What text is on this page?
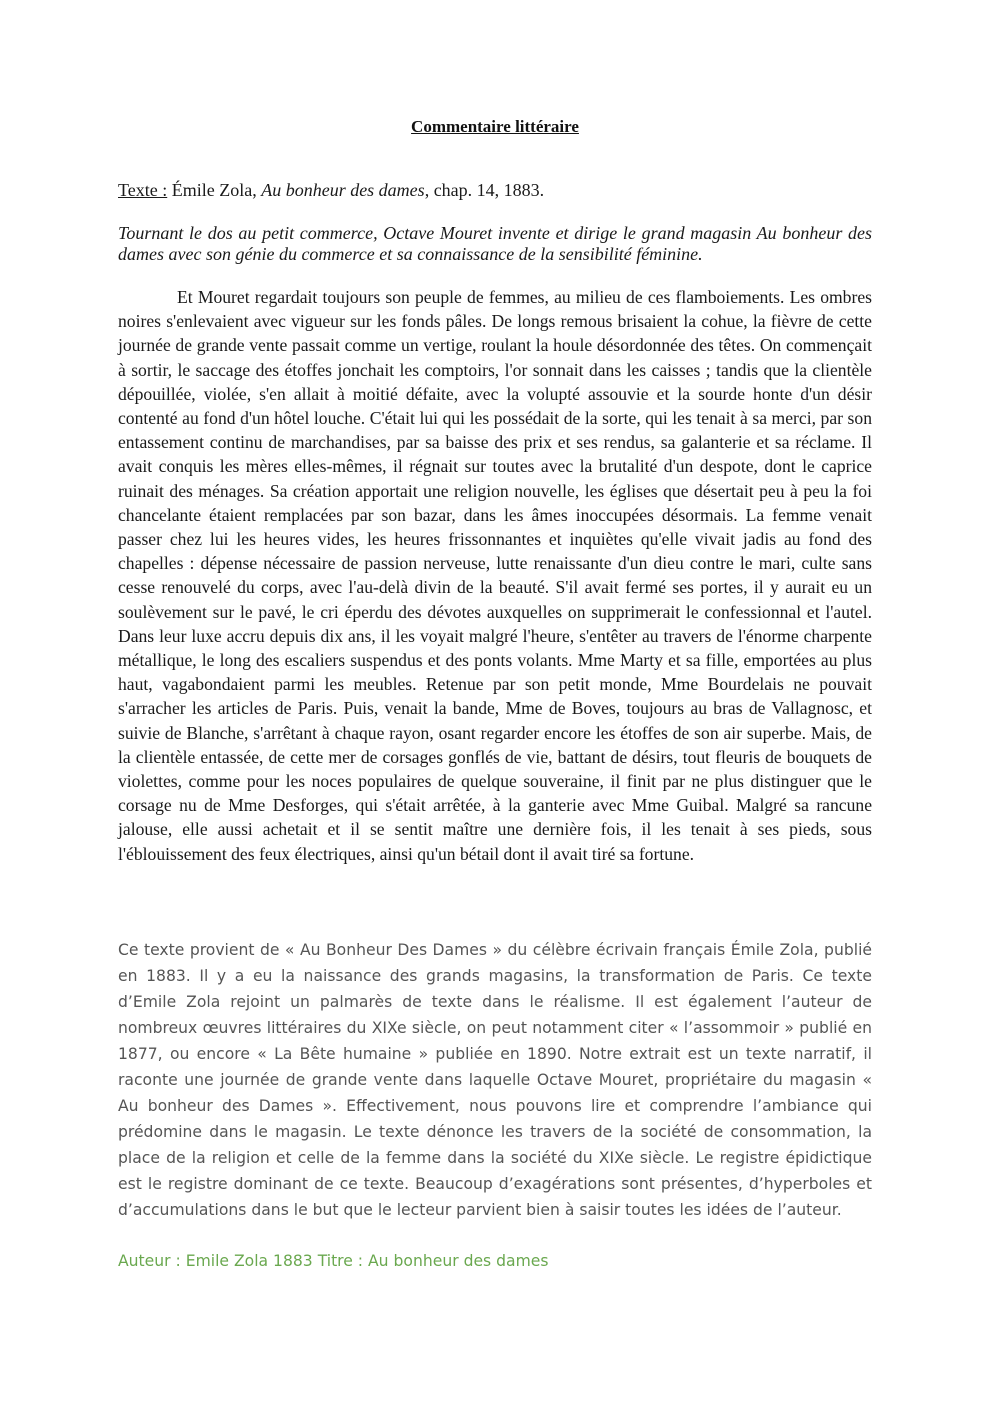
Commentaire littéraire
Texte : Émile Zola, Au bonheur des dames, chap. 14, 1883.
Tournant le dos au petit commerce, Octave Mouret invente et dirige le grand magasin Au bonheur des dames avec son génie du commerce et sa connaissance de la sensibilité féminine.

Et Mouret regardait toujours son peuple de femmes, au milieu de ces flamboiements. Les ombres noires s'enlevaient avec vigueur sur les fonds pâles. De longs remous brisaient la cohue, la fièvre de cette journée de grande vente passait comme un vertige, roulant la houle désordonnée des têtes. On commençait à sortir, le saccage des étoffes jonchait les comptoirs, l'or sonnait dans les caisses ; tandis que la clientèle dépouillée, violée, s'en allait à moitié défaite, avec la volupté assouvie et la sourde honte d'un désir contenté au fond d'un hôtel louche. C'était lui qui les possédait de la sorte, qui les tenait à sa merci, par son entassement continu de marchandises, par sa baisse des prix et ses rendus, sa galanterie et sa réclame. Il avait conquis les mères elles-mêmes, il régnait sur toutes avec la brutalité d'un despote, dont le caprice ruinait des ménages. Sa création apportait une religion nouvelle, les églises que désertait peu à peu la foi chancelante étaient remplacées par son bazar, dans les âmes inoccupées désormais. La femme venait passer chez lui les heures vides, les heures frissonnantes et inquiètes qu'elle vivait jadis au fond des chapelles : dépense nécessaire de passion nerveuse, lutte renaissante d'un dieu contre le mari, culte sans cesse renouvelé du corps, avec l'au-delà divin de la beauté. S'il avait fermé ses portes, il y aurait eu un soulèvement sur le pavé, le cri éperdu des dévotes auxquelles on supprimerait le confessionnal et l'autel. Dans leur luxe accru depuis dix ans, il les voyait malgré l'heure, s'entêter au travers de l'énorme charpente métallique, le long des escaliers suspendus et des ponts volants. Mme Marty et sa fille, emportées au plus haut, vagabondaient parmi les meubles. Retenue par son petit monde, Mme Bourdelais ne pouvait s'arracher les articles de Paris. Puis, venait la bande, Mme de Boves, toujours au bras de Vallagnosc, et suivie de Blanche, s'arrêtant à chaque rayon, osant regarder encore les étoffes de son air superbe. Mais, de la clientèle entassée, de cette mer de corsages gonflés de vie, battant de désirs, tout fleuris de bouquets de violettes, comme pour les noces populaires de quelque souveraine, il finit par ne plus distinguer que le corsage nu de Mme Desforges, qui s'était arrêtée, à la ganterie avec Mme Guibal. Malgré sa rancune jalouse, elle aussi achetait et il se sentit maître une dernière fois, il les tenait à ses pieds, sous l'éblouissement des feux électriques, ainsi qu'un bétail dont il avait tiré sa fortune.

Ce texte provient de « Au Bonheur Des Dames » du célèbre écrivain français Émile Zola, publié en 1883. Il y a eu la naissance des grands magasins, la transformation de Paris. Ce texte d’Emile Zola rejoint un palmarès de texte dans le réalisme. Il est également l’auteur de nombreux œuvres littéraires du XIXe siècle, on peut notamment citer « l’assommoir » publié en 1877, ou encore « La Bête humaine » publiée en 1890. Notre extrait est un texte narratif, il raconte une journée de grande vente dans laquelle Octave Mouret, propriétaire du magasin « Au bonheur des Dames ». Effectivement, nous pouvons lire et comprendre l’ambiance qui prédomine dans le magasin. Le texte dénonce les travers de la société de consommation, la place de la religion et celle de la femme dans la société du XIXe siècle. Le registre épidictique est le registre dominant de ce texte. Beaucoup d’exagérations sont présentes, d’hyperboles et d’accumulations dans le but que le lecteur parvient bien à saisir toutes les idées de l’auteur.

Auteur : Emile Zola 1883 Titre : Au bonheur des dames
